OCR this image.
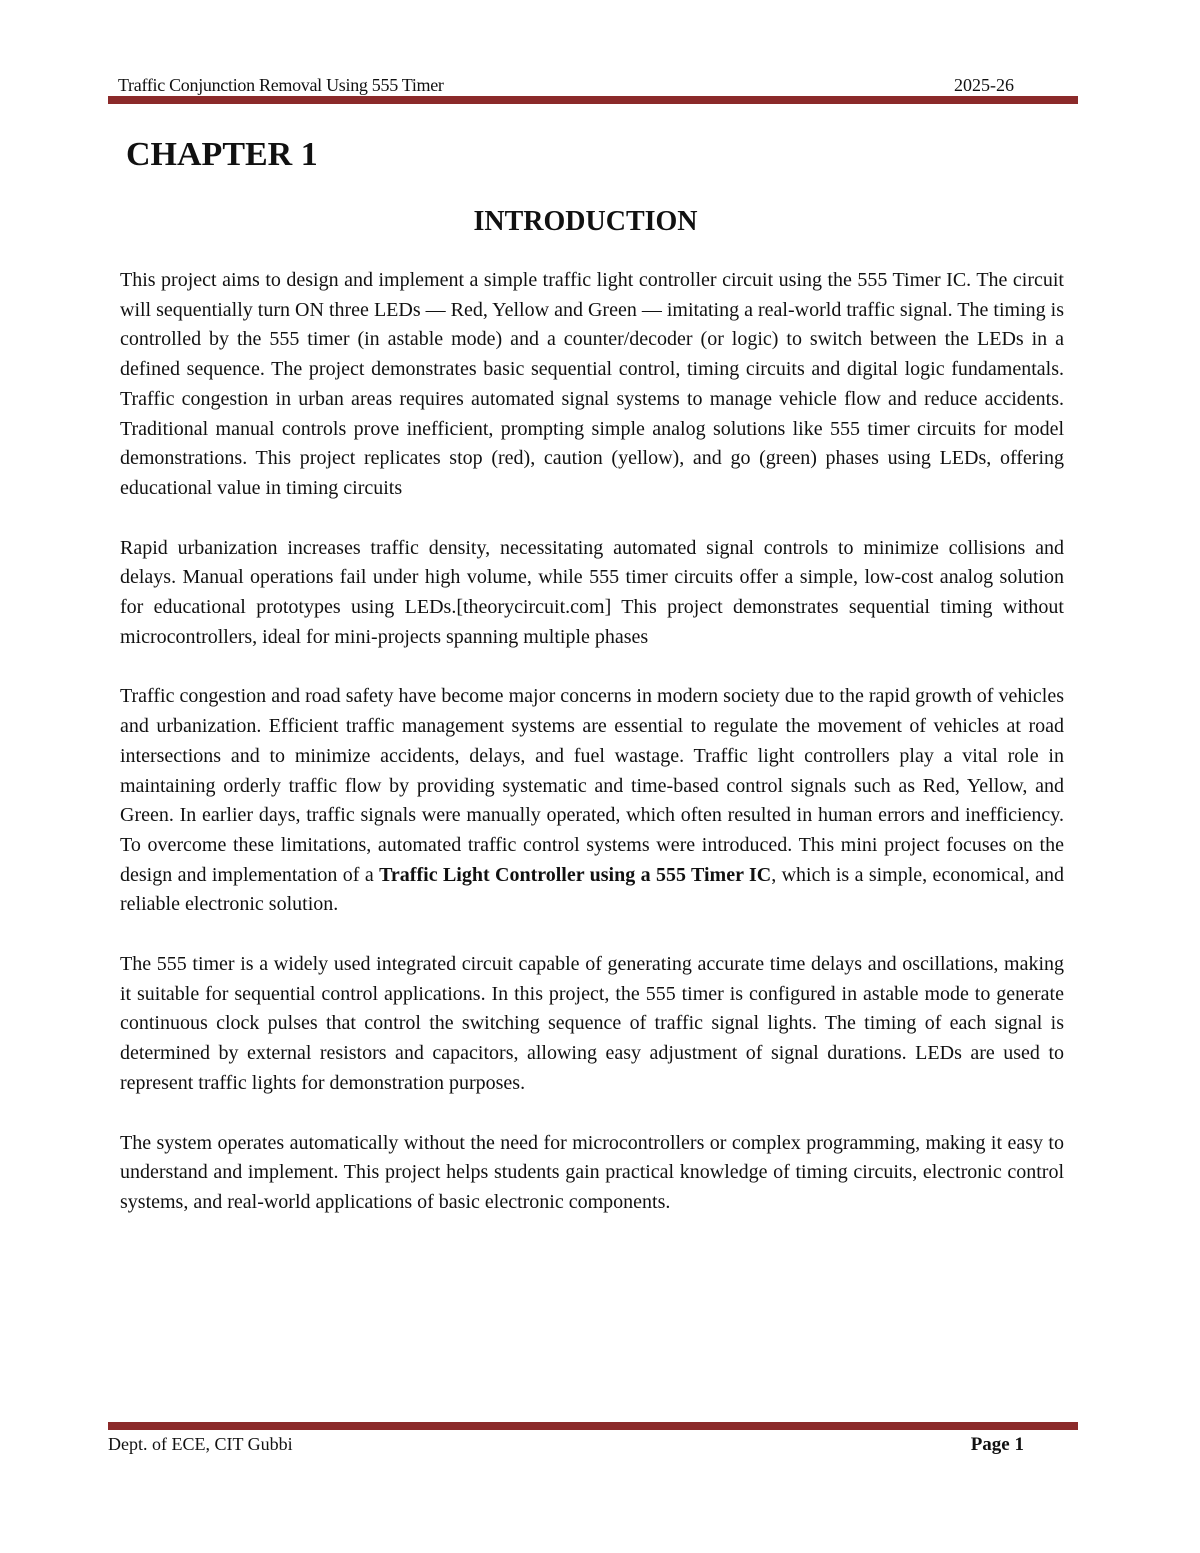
Traffic Conjunction Removal Using 555 Timer	2025-26
CHAPTER 1
INTRODUCTION

This project aims to design and implement a simple traffic light controller circuit using the 555 Timer IC. The circuit will sequentially turn ON three LEDs — Red, Yellow and Green — imitating a real-world traffic signal. The timing is controlled by the 555 timer (in astable mode) and a counter/decoder (or logic) to switch between the LEDs in a defined sequence. The project demonstrates basic sequential control, timing circuits and digital logic fundamentals. Traffic congestion in urban areas requires automated signal systems to manage vehicle flow and reduce accidents. Traditional manual controls prove inefficient, prompting simple analog solutions like 555 timer circuits for model demonstrations. This project replicates stop (red), caution (yellow), and go (green) phases using LEDs, offering educational value in timing circuits

Rapid urbanization increases traffic density, necessitating automated signal controls to minimize collisions and delays. Manual operations fail under high volume, while 555 timer circuits offer a simple, low-cost analog solution for educational prototypes using LEDs.[theorycircuit.com] This project demonstrates sequential timing without microcontrollers, ideal for mini-projects spanning multiple phases

Traffic congestion and road safety have become major concerns in modern society due to the rapid growth of vehicles and urbanization. Efficient traffic management systems are essential to regulate the movement of vehicles at road intersections and to minimize accidents, delays, and fuel wastage. Traffic light controllers play a vital role in maintaining orderly traffic flow by providing systematic and time-based control signals such as Red, Yellow, and Green. In earlier days, traffic signals were manually operated, which often resulted in human errors and inefficiency. To overcome these limitations, automated traffic control systems were introduced. This mini project focuses on the design and implementation of a Traffic Light Controller using a 555 Timer IC, which is a simple, economical, and reliable electronic solution.

The 555 timer is a widely used integrated circuit capable of generating accurate time delays and oscillations, making it suitable for sequential control applications. In this project, the 555 timer is configured in astable mode to generate continuous clock pulses that control the switching sequence of traffic signal lights. The timing of each signal is determined by external resistors and capacitors, allowing easy adjustment of signal durations. LEDs are used to represent traffic lights for demonstration purposes.

The system operates automatically without the need for microcontrollers or complex programming, making it easy to understand and implement. This project helps students gain practical knowledge of timing circuits, electronic control systems, and real-world applications of basic electronic components.

Dept. of ECE, CIT Gubbi	Page 1
